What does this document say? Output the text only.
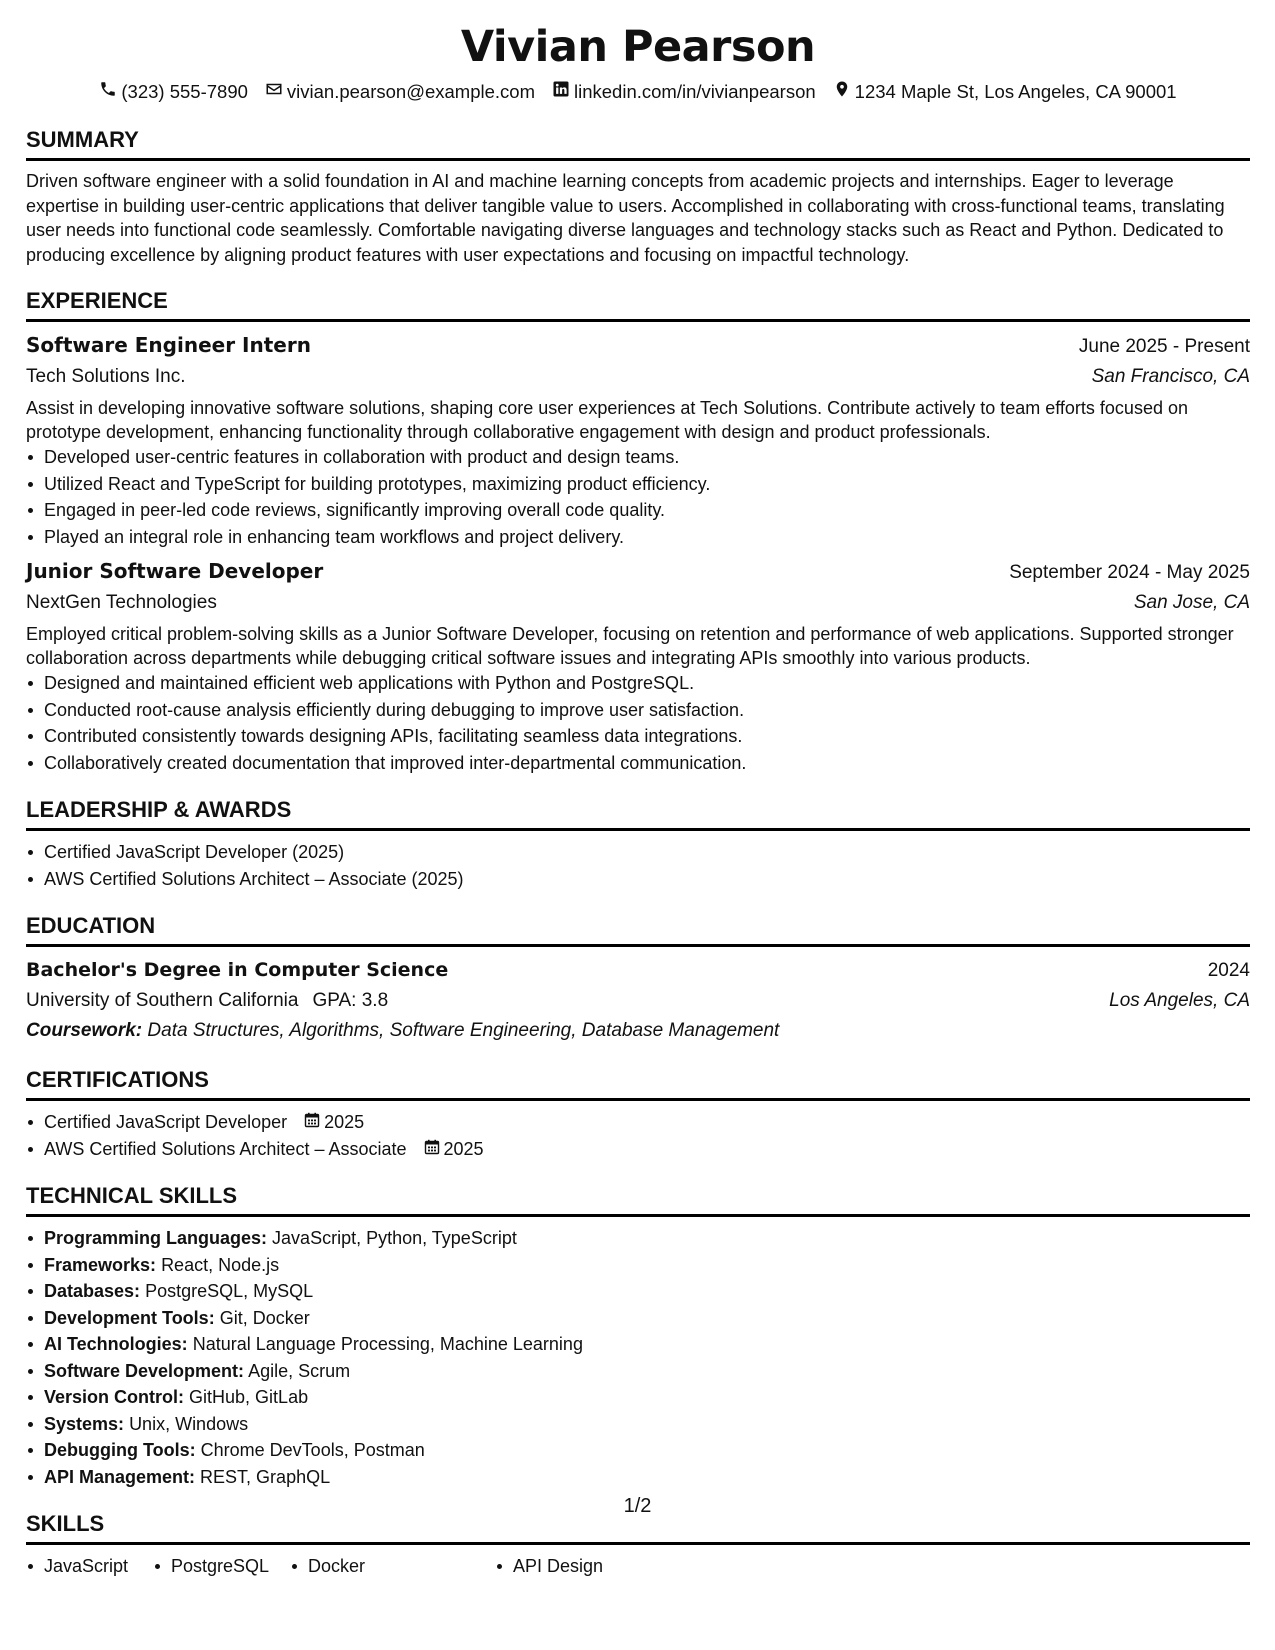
Vivian Pearson
(323) 555-7890 vivian.pearson@example.com linkedin.com/in/vivianpearson 1234 Maple St, Los Angeles, CA 90001
SUMMARY
Driven software engineer with a solid foundation in AI and machine learning concepts from academic projects and internships. Eager to leverage expertise in building user-centric applications that deliver tangible value to users. Accomplished in collaborating with cross-functional teams, translating user needs into functional code seamlessly. Comfortable navigating diverse languages and technology stacks such as React and Python. Dedicated to producing excellence by aligning product features with user expectations and focusing on impactful technology.
EXPERIENCE
Software Engineer Intern	June 2025 - Present
Tech Solutions Inc.	San Francisco, CA
Assist in developing innovative software solutions, shaping core user experiences at Tech Solutions. Contribute actively to team efforts focused on prototype development, enhancing functionality through collaborative engagement with design and product professionals.
Developed user-centric features in collaboration with product and design teams.
Utilized React and TypeScript for building prototypes, maximizing product efficiency.
Engaged in peer-led code reviews, significantly improving overall code quality.
Played an integral role in enhancing team workflows and project delivery.
Junior Software Developer	September 2024 - May 2025
NextGen Technologies	San Jose, CA
Employed critical problem-solving skills as a Junior Software Developer, focusing on retention and performance of web applications. Supported stronger collaboration across departments while debugging critical software issues and integrating APIs smoothly into various products.
Designed and maintained efficient web applications with Python and PostgreSQL.
Conducted root-cause analysis efficiently during debugging to improve user satisfaction.
Contributed consistently towards designing APIs, facilitating seamless data integrations.
Collaboratively created documentation that improved inter-departmental communication.
LEADERSHIP & AWARDS
Certified JavaScript Developer (2025)
AWS Certified Solutions Architect – Associate (2025)
EDUCATION
Bachelor's Degree in Computer Science	2024
University of Southern California GPA: 3.8	Los Angeles, CA
Coursework: Data Structures, Algorithms, Software Engineering, Database Management
CERTIFICATIONS
Certified JavaScript Developer 2025
AWS Certified Solutions Architect – Associate 2025
TECHNICAL SKILLS
Programming Languages: JavaScript, Python, TypeScript
Frameworks: React, Node.js
Databases: PostgreSQL, MySQL
Development Tools: Git, Docker
AI Technologies: Natural Language Processing, Machine Learning
Software Development: Agile, Scrum
Version Control: GitHub, GitLab
Systems: Unix, Windows
Debugging Tools: Chrome DevTools, Postman
API Management: REST, GraphQL
SKILLS
JavaScript	PostgreSQL	Docker	API Design
1/2
